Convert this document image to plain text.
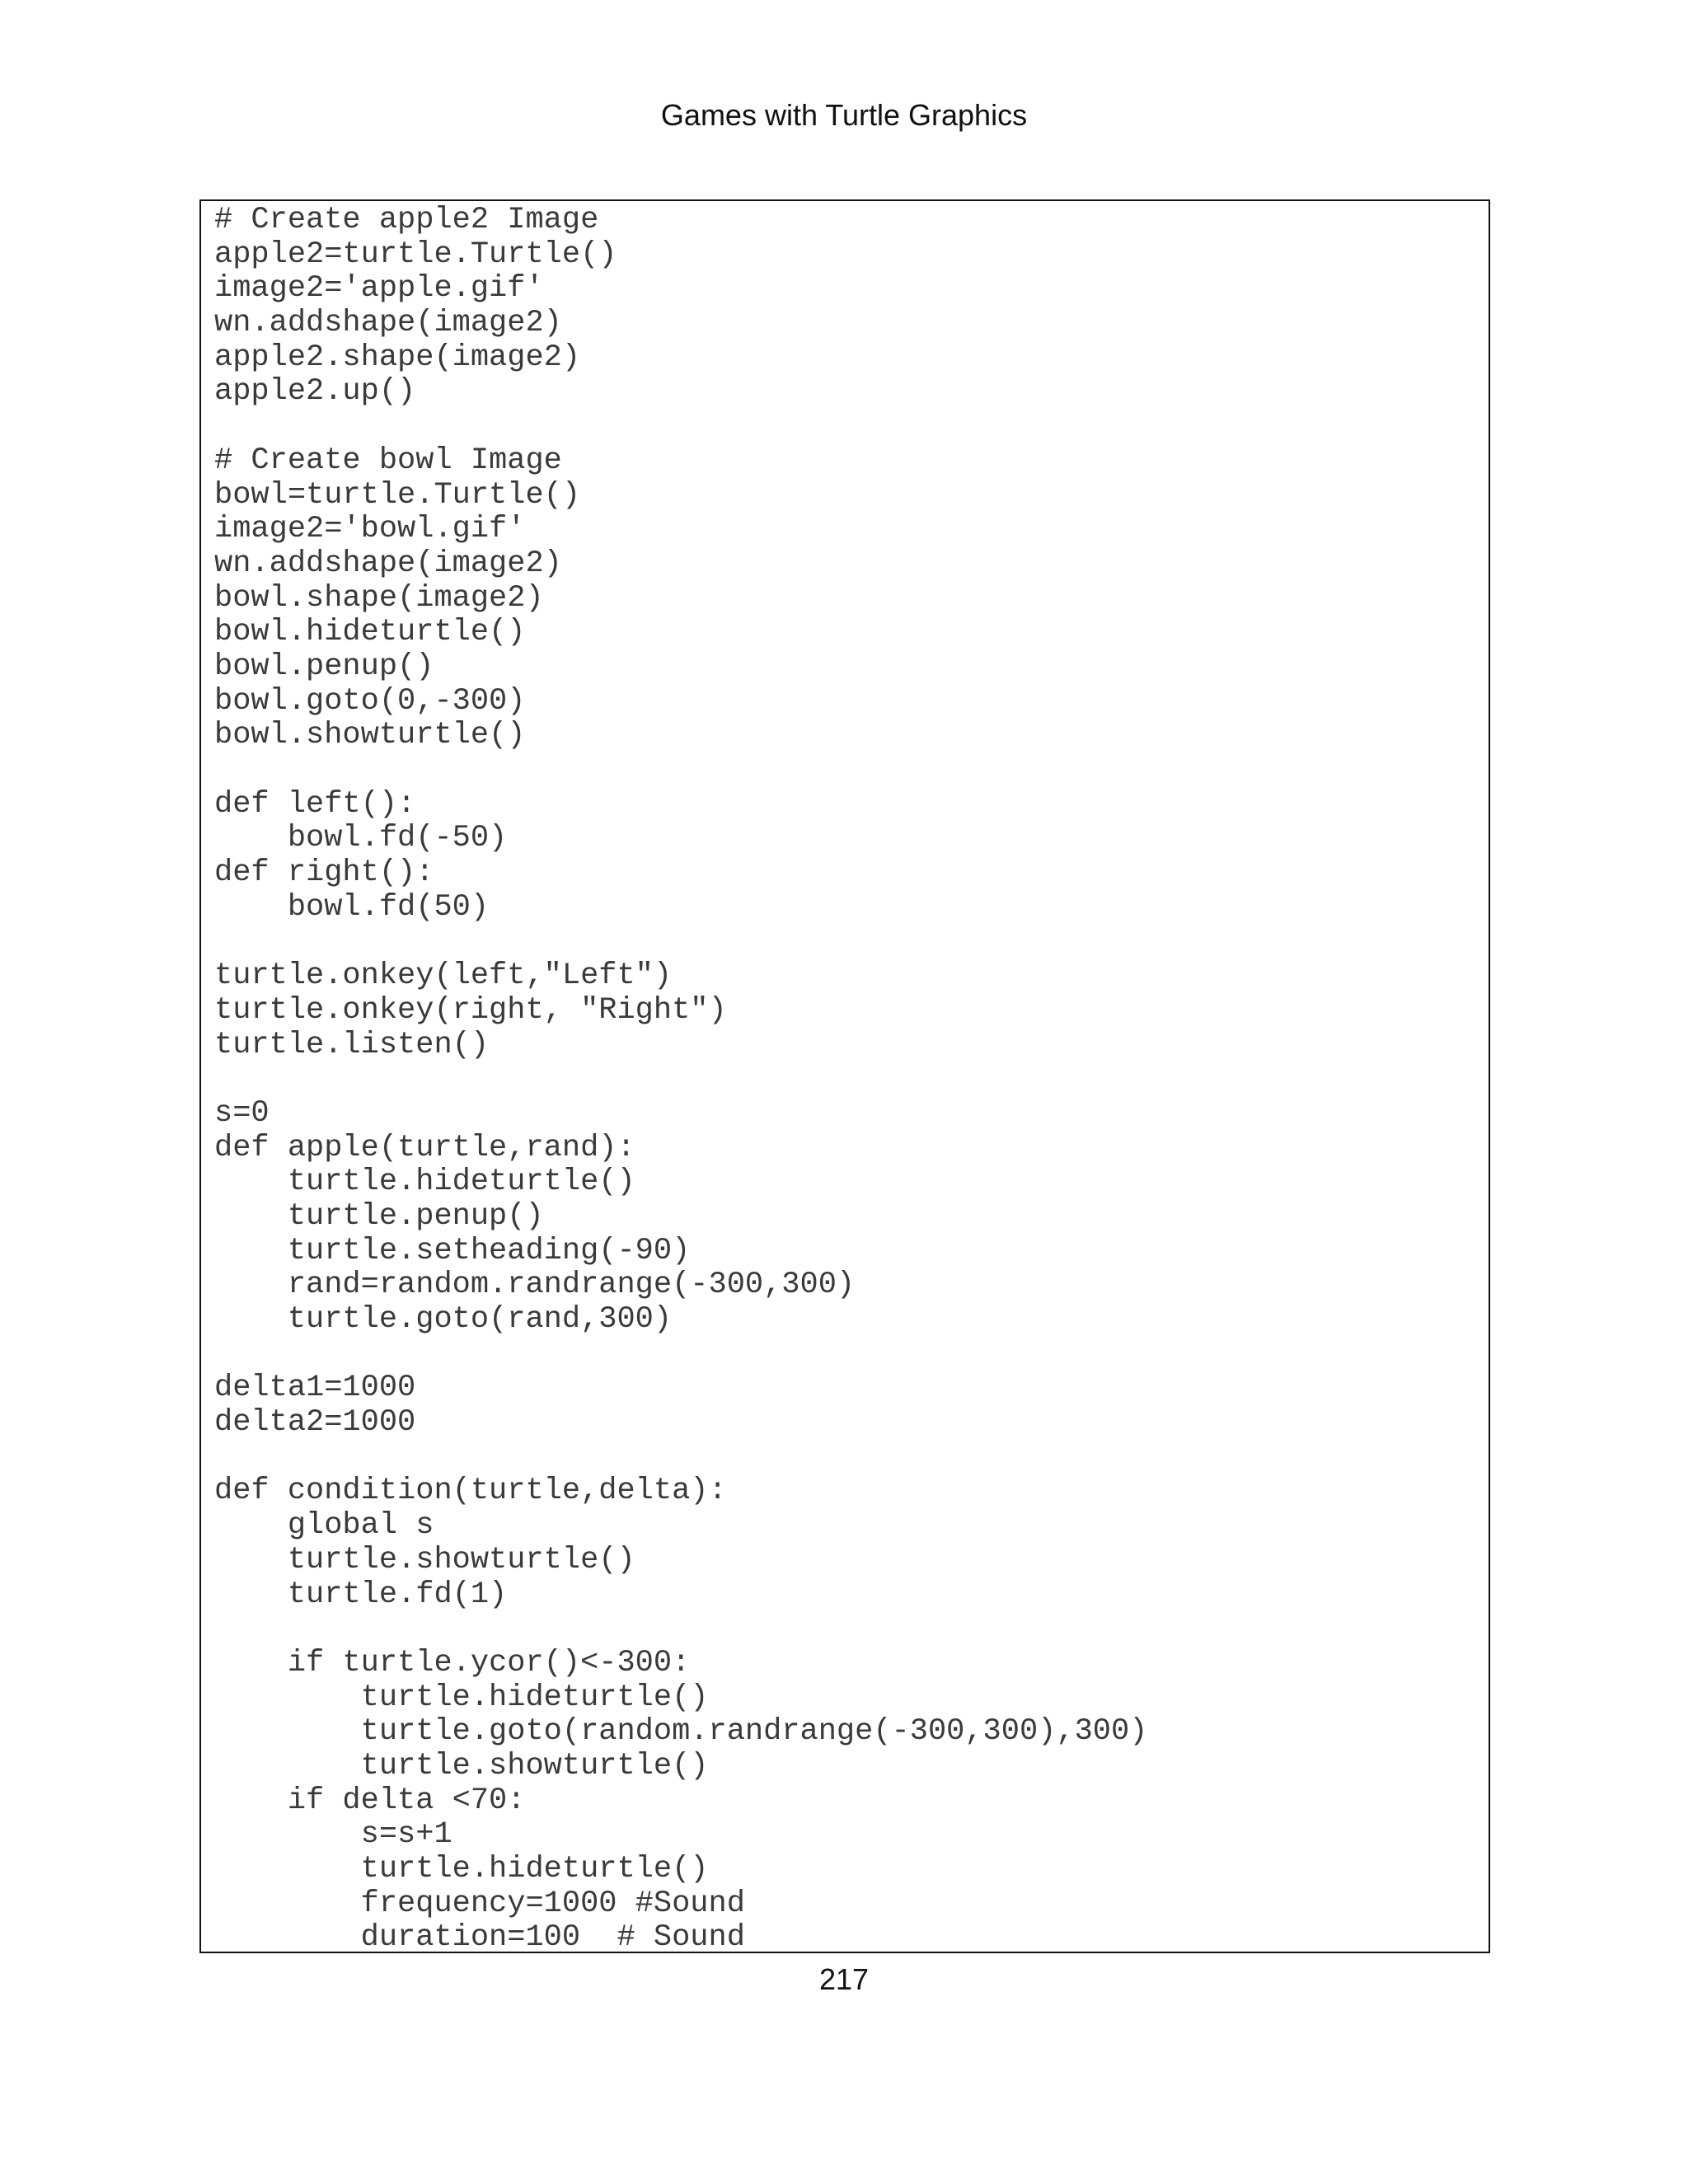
Games with Turtle Graphics
# Create apple2 Image
apple2=turtle.Turtle()
image2='apple.gif'
wn.addshape(image2)
apple2.shape(image2)
apple2.up()
# Create bowl Image
bowl=turtle.Turtle()
image2='bowl.gif'
wn.addshape(image2)
bowl.shape(image2)
bowl.hideturtle()
bowl.penup()
bowl.goto(0,-300)
bowl.showturtle()
def left():
bowl.fd(-50)
def right():
bowl.fd(50)
turtle.onkey(left,"Left")
turtle.onkey(right, "Right")
turtle.listen()
s=0
def apple(turtle,rand):
turtle.hideturtle()
turtle.penup()
turtle.setheading(-90)
rand=random.randrange(-300,300)
turtle.goto(rand,300)
delta1=1000
delta2=1000
def condition(turtle,delta):
global s
turtle.showturtle()
turtle.fd(1)
if turtle.ycor()<-300:
turtle.hideturtle()
turtle.goto(random.randrange(-300,300),300)
turtle.showturtle()
if delta <70:
s=s+1
turtle.hideturtle()
frequency=1000 #Sound
duration=100  # Sound
217
